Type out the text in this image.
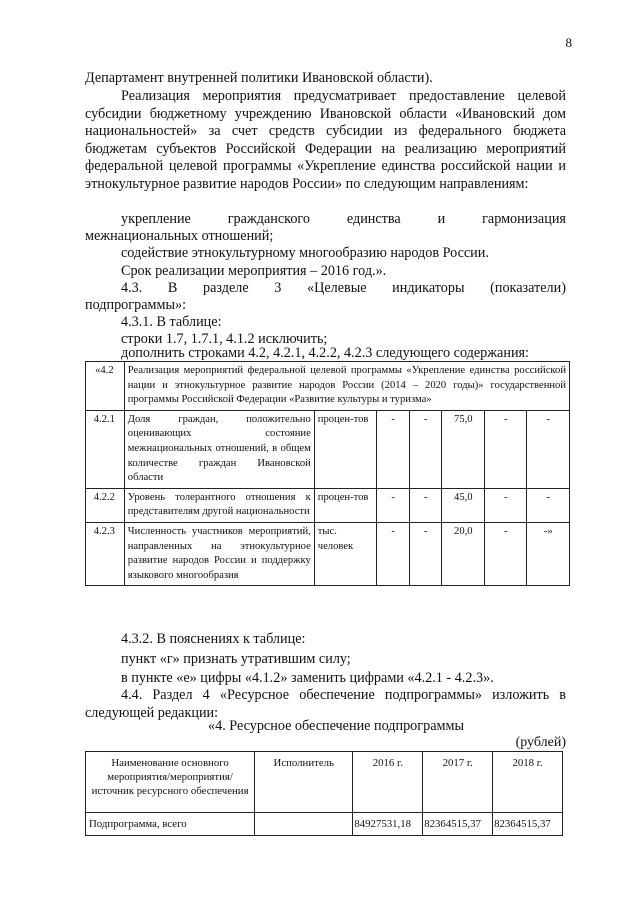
8

Департамент внутренней политики Ивановской области).

Реализация мероприятия предусматривает предоставление целевой субсидии бюджетному учреждению Ивановской области «Ивановский дом национальностей» за счет средств субсидии из федерального бюджета бюджетам субъектов Российской Федерации на реализацию мероприятий федеральной целевой программы «Укрепление единства российской нации и этнокультурное развитие народов России» по следующим направлениям:

укрепление	гражданского	единства	и	гармонизация

межнациональных отношений;

содействие этнокультурному многообразию народов России.
Срок реализации мероприятия – 2016 год.».
4.3. В разделе 3 «Целевые индикаторы (показатели)

подпрограммы»:

4.3.1. В таблице:
строки 1.7, 1.7.1, 4.1.2 исключить;
дополнить строками 4.2, 4.2.1, 4.2.2, 4.2.3 следующего содержания:
«4.2	Реализация мероприятий федеральной целевой программы «Укрепление единства российской нации и этнокультурное развитие народов России (2014 – 2020 годы)» государственной программы Российской Федерации «Развитие культуры и туризма»						
4.2.1	Доля граждан, положительно оценивающих состояние межнациональных отношений, в общем количестве граждан Ивановской области	процен-тов	-	-	75,0	-	-
4.2.2	Уровень толерантного отношения к представителям другой национальности	процен-тов	-	-	45,0	-	-
4.2.3	Численность участников мероприятий, направленных на этнокультурное развитие народов России и поддержку языкового многообразия	тыс. человек	-	-	20,0	-	-»
4.3.2. В пояснениях к таблице:
пункт «г» признать утратившим силу;
в пункте «е» цифры «4.1.2» заменить цифрами «4.2.1 - 4.2.3».

4.4. Раздел 4 «Ресурсное обеспечение подпрограммы» изложить в следующей редакции:

«4. Ресурсное обеспечение подпрограммы
(рублей)
Наименование основного мероприятия/мероприятия/ источник ресурсного обеспечения	Исполнитель	2016 г.	2017 г.	2018 г.
Подпрограмма, всего		84927531,18	82364515,37	82364515,37
